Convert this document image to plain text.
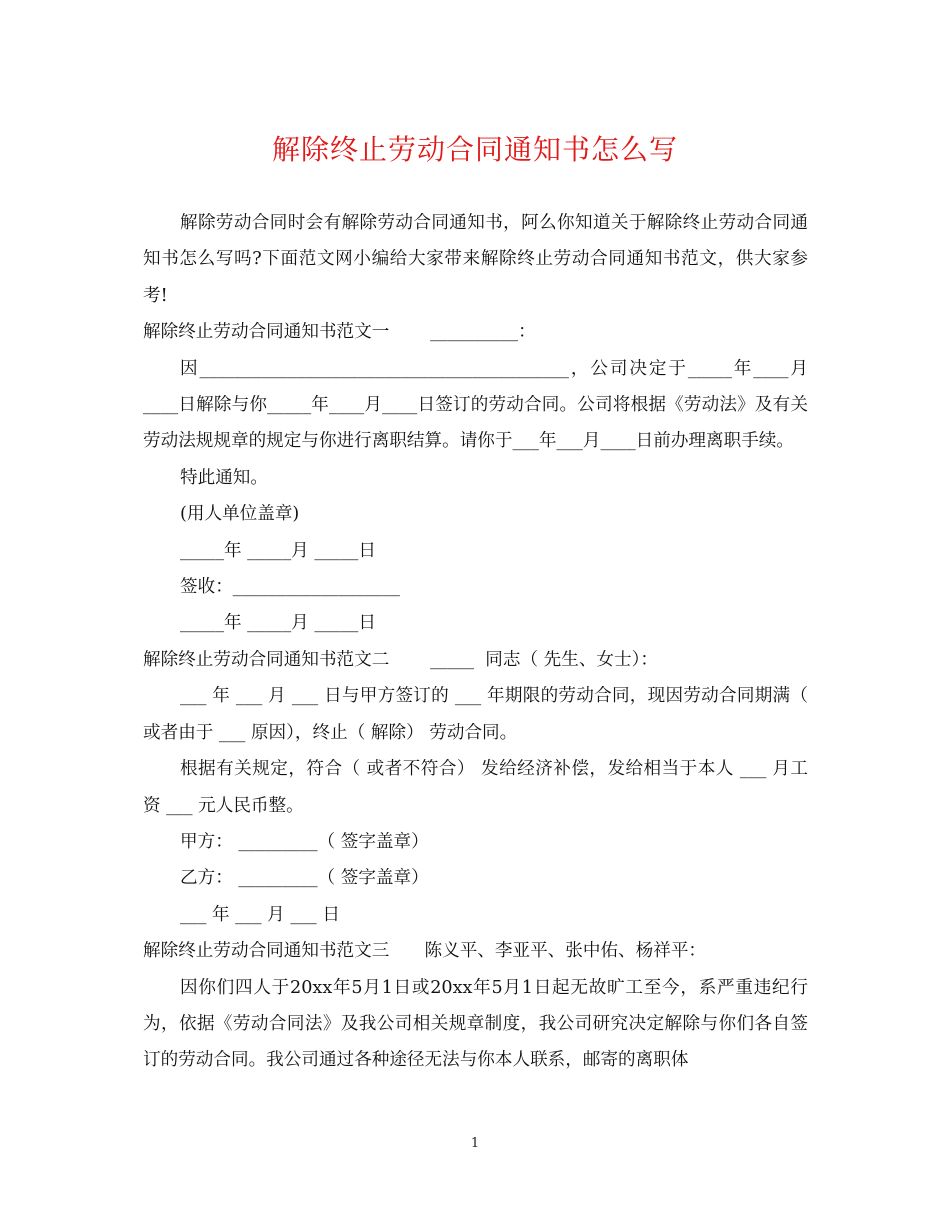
解除终止劳动合同通知书怎么写

解除劳动合同时会有解除劳动合同通知书，阿么你知道关于解除终止劳动合同通知书怎么写吗?下面范文网小编给大家带来解除终止劳动合同通知书范文，供大家参考!

解除终止劳动合同通知书范文一　　 __________：

因__________________________________________，公司决定于_____年____月____日解除与你_____年____月____日签订的劳动合同。公司将根据《劳动法》及有关劳动法规规章的规定与你进行离职结算。请你于___年___月____日前办理离职手续。

特此通知。

(用人单位盖章)

_____年 _____月 _____日

签收：___________________

_____年 _____月 _____日

解除终止劳动合同通知书范文二　　 _____  同志（ 先生、女士）：

___ 年 ___ 月 ___ 日与甲方签订的 ___ 年期限的劳动合同，现因劳动合同期满（ 或者由于 ___ 原因），终止（ 解除） 劳动合同。

根据有关规定，符合（ 或者不符合） 发给经济补偿，发给相当于本人 ___ 月工资 ___ 元人民币整。

甲方： _________（ 签字盖章）

乙方： _________（ 签字盖章）

___ 年 ___ 月 ___ 日

解除终止劳动合同通知书范文三　　陈义平、李亚平、张中佑、杨祥平：

因你们四人于20xx年5月1日或20xx年5月1日起无故旷工至今，系严重违纪行为，依据《劳动合同法》及我公司相关规章制度，我公司研究决定解除与你们各自签订的劳动合同。我公司通过各种途径无法与你本人联系，邮寄的离职体

1
